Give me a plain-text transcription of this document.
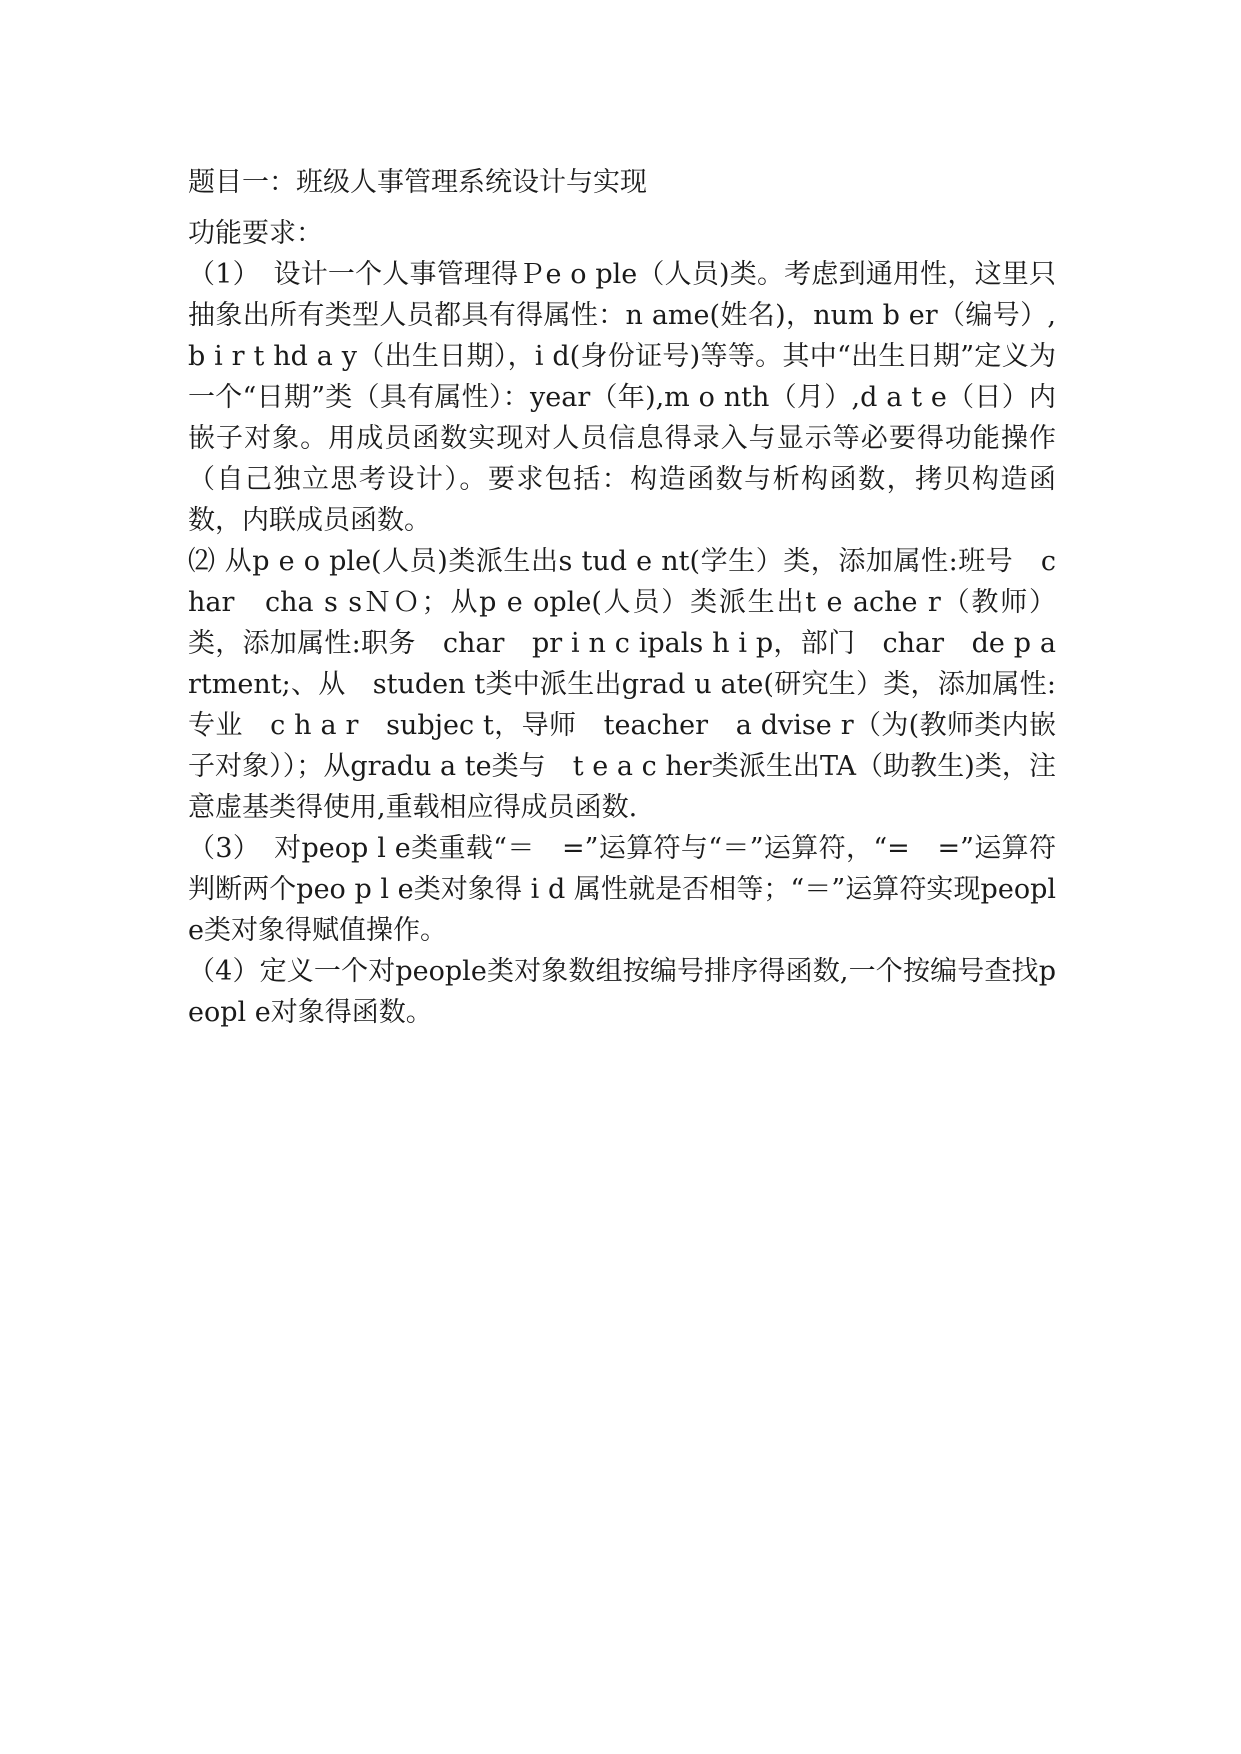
题目一：班级人事管理系统设计与实现
功能要求：
（1）　设计一个人事管理得Ｐe o ple（人员)类。考虑到通用性，这里只抽象出所有类型人员都具有得属性：n ame(姓名)，num b er（编号）, b i r t hd a y（出生日期），i d(身份证号)等等。其中“出生日期”定义为一个“日期”类（具有属性）：year（年),m o nth（月）,d a t e（日）内嵌子对象。用成员函数实现对人员信息得录入与显示等必要得功能操作（自己独立思考设计）。要求包括：构造函数与析构函数，拷贝构造函数，内联成员函数。
⑵ 从p e o ple(人员)类派生出s tud e nt(学生）类，添加属性:班号　c har　cha s sＮＯ；从p e ople(人员）类派生出t e ache r（教师）类，添加属性:职务　char　pr i n c ipals h i p，部门　char　de p artment;、从　studen t类中派生出grad u ate(研究生）类，添加属性:专业　c h a r　subjec t，导师　teacher　a dvise r（为(教师类内嵌子对象））；从gradu a te类与　t e a c her类派生出TA（助教生)类，注意虚基类得使用,重载相应得成员函数.
（3）　对peop l e类重载“＝　=”运算符与“＝”运算符，“=　=”运算符判断两个peo p l e类对象得 i d 属性就是否相等；“＝”运算符实现peopl e类对象得赋值操作。
（4）定义一个对people类对象数组按编号排序得函数,一个按编号查找peopl e对象得函数。
